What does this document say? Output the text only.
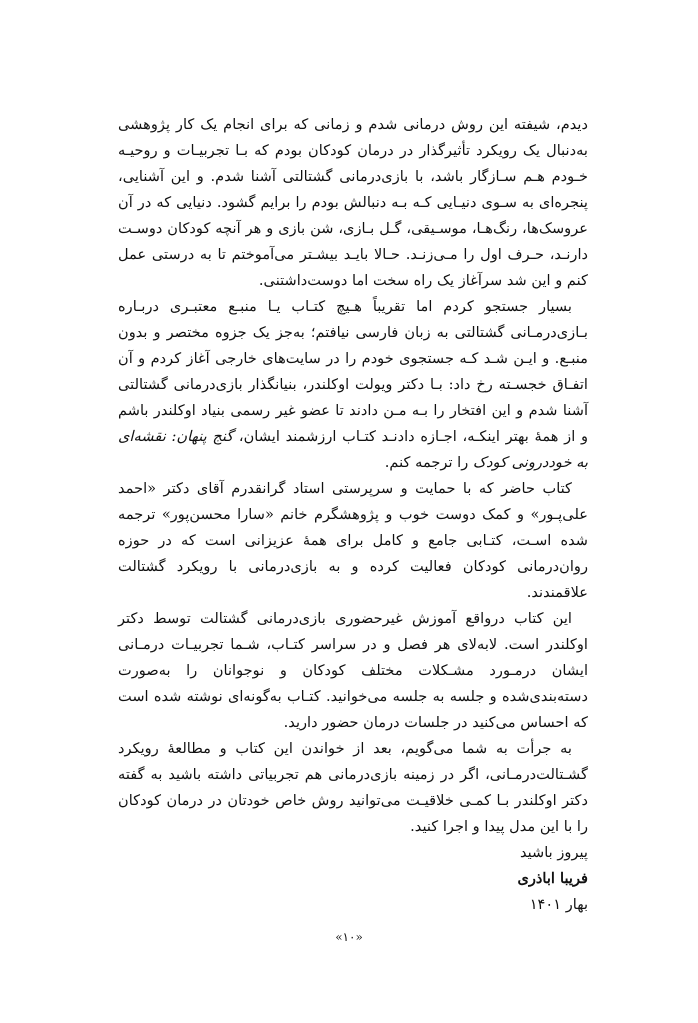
دیدم، شیفته این روش درمانی شدم و زمانی که برای انجام یک کار پژوهشی به‌دنبال یک رویکرد تأثیرگذار در درمان کودکان بودم که بـا تجربیـات و روحیـه خـودم هـم سـازگار باشد، با بازی‌درمانی گشتالتی آشنا شدم. و این آشنایی، پنجره‌ای به سـوی دنیـایی کـه بـه دنبالش بودم را برایم گشود. دنیایی که در آن عروسک‌ها، رنگ‌هـا، موسـیقی، گـل بـازی، شن بازی و هر آنچه کودکان دوسـت دارنـد، حـرف اول را مـی‌زنـد. حـالا بایـد بیشـتر می‌آموختم تا به درستی عمل کنم و این شد سرآغاز یک راه سخت اما دوست‌داشتنی.

بسیار جستجو کردم اما تقریباً هـیچ کتـاب یـا منبـع معتبـری دربـاره بـازی‌درمـانی گشتالتی به زبان فارسی نیافتم؛ به‌جز یک جزوه مختصر و بدون منبـع. و ایـن شـد کـه جستجوی خودم را در سایت‌های خارجی آغاز کردم و آن اتفـاق خجسـته رخ داد: بـا دکتر ویولت اوکلندر، بنیانگذار بازی‌درمانی گشتالتی آشنا شدم و این افتخار را بـه مـن دادند تا عضو غیر رسمی بنیاد اوکلندر باشم و از همهٔ بهتر اینکـه، اجـازه دادنـد کتـاب ارزشمند ایشان، گنج پنهان: نقشه‌ای به خوددرونی کودک را ترجمه کنم.

کتاب حاضر که با حمایت و سرپرستی استاد گرانقدرم آقای دکتر «احمد علی‌پـور» و کمک دوست خوب و پژوهشگرم خانم «سارا محسن‌پور» ترجمه شده اسـت، کتـابی جامع و کامل برای همهٔ عزیزانی است که در حوزه روان‌درمانی کودکان فعالیت کرده و به بازی‌درمانی با رویکرد گشتالت علاقمندند.

این کتاب درواقع آموزش غیرحضوری بازی‌درمانی گشتالت توسط دکتر اوکلندر است. لابه‌لای هر فصل و در سراسر کتـاب، شـما تجربیـات درمـانی ایشان درمـورد مشـکلات مختلف کودکان و نوجوانان را به‌صورت دسته‌بندی‌شده و جلسه به جلسه می‌خوانید. کتـاب به‌گونه‌ای نوشته شده است که احساس می‌کنید در جلسات درمان حضور دارید.

به جرأت به شما می‌گویم، بعد از خواندن این کتاب و مطالعهٔ رویکرد گشـتالت‌درمـانی، اگر در زمینه بازی‌درمانی هم تجربیاتی داشته باشید به گفته دکتر اوکلندر بـا کمـی خلاقیـت می‌توانید روش خاص خودتان در درمان کودکان را با این مدل پیدا و اجرا کنید.

پیروز باشید

فریبا اباذری

بهار ۱۴۰۱

«۱۰»
